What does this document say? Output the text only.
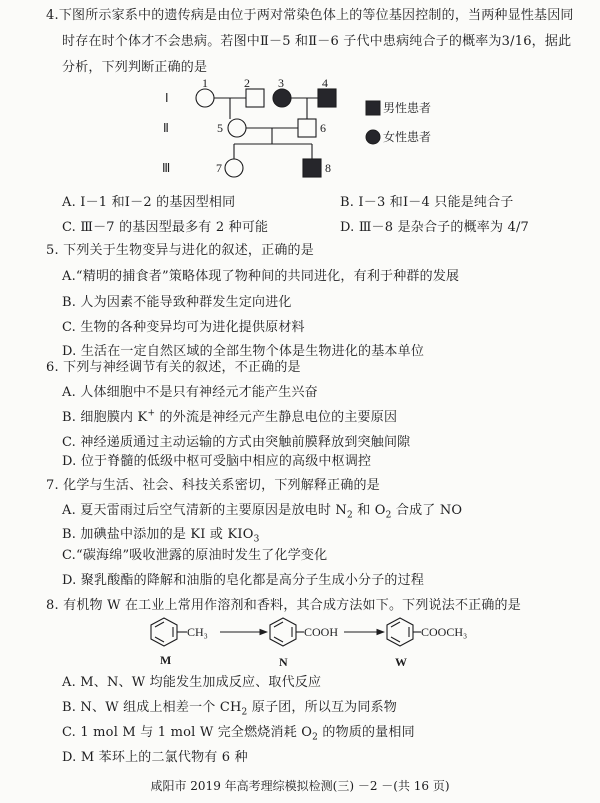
4.下图所示家系中的遗传病是由位于两对常染色体上的等位基因控制的，当两种显性基因同
时存在时个体才不会患病。若图中Ⅱ－5 和Ⅱ－6 子代中患病纯合子的概率为3/16，据此
分析，下列判断正确的是
Ⅰ
Ⅱ
Ⅲ
1	2 3	4
5	6
7	8
男性患者
女性患者
A. Ⅰ－1 和Ⅰ－2 的基因型相同	B. Ⅰ－3 和Ⅰ－4 只能是纯合子
C. Ⅲ－7 的基因型最多有 2 种可能	D. Ⅲ－8 是杂合子的概率为 4/7
5. 下列关于生物变异与进化的叙述，正确的是
A.“精明的捕食者”策略体现了物种间的共同进化，有利于种群的发展
B. 人为因素不能导致种群发生定向进化
C. 生物的各种变异均可为进化提供原材料
D. 生活在一定自然区域的全部生物个体是生物进化的基本单位
6. 下列与神经调节有关的叙述，不正确的是
A. 人体细胞中不是只有神经元才能产生兴奋
B. 细胞膜内 K+ 的外流是神经元产生静息电位的主要原因
C. 神经递质通过主动运输的方式由突触前膜释放到突触间隙
D. 位于脊髓的低级中枢可受脑中相应的高级中枢调控
7. 化学与生活、社会、科技关系密切，下列解释正确的是
A. 夏天雷雨过后空气清新的主要原因是放电时 $N_2$ 和 $O_2$ 合成了 NO
B. 加碘盐中添加的是 KI 或 $KIO_3$
C.“碳海绵”吸收泄露的原油时发生了化学变化
D. 聚乳酸酯的降解和油脂的皂化都是高分子生成小分子的过程
8. 有机物 W 在工业上常用作溶剂和香料，其合成方法如下。下列说法不正确的是
CH₃	COOH	COOCH₃
M	N	W
A. M、N、W 均能发生加成反应、取代反应
B. N、W 组成上相差一个 $CH_2$ 原子团，所以互为同系物
C. 1 mol M 与 1 mol W 完全燃烧消耗 $O_2$ 的物质的量相同
D. M 苯环上的二氯代物有 6 种
咸阳市 2019 年高考理综模拟检测(三) －2 －(共 16 页)
